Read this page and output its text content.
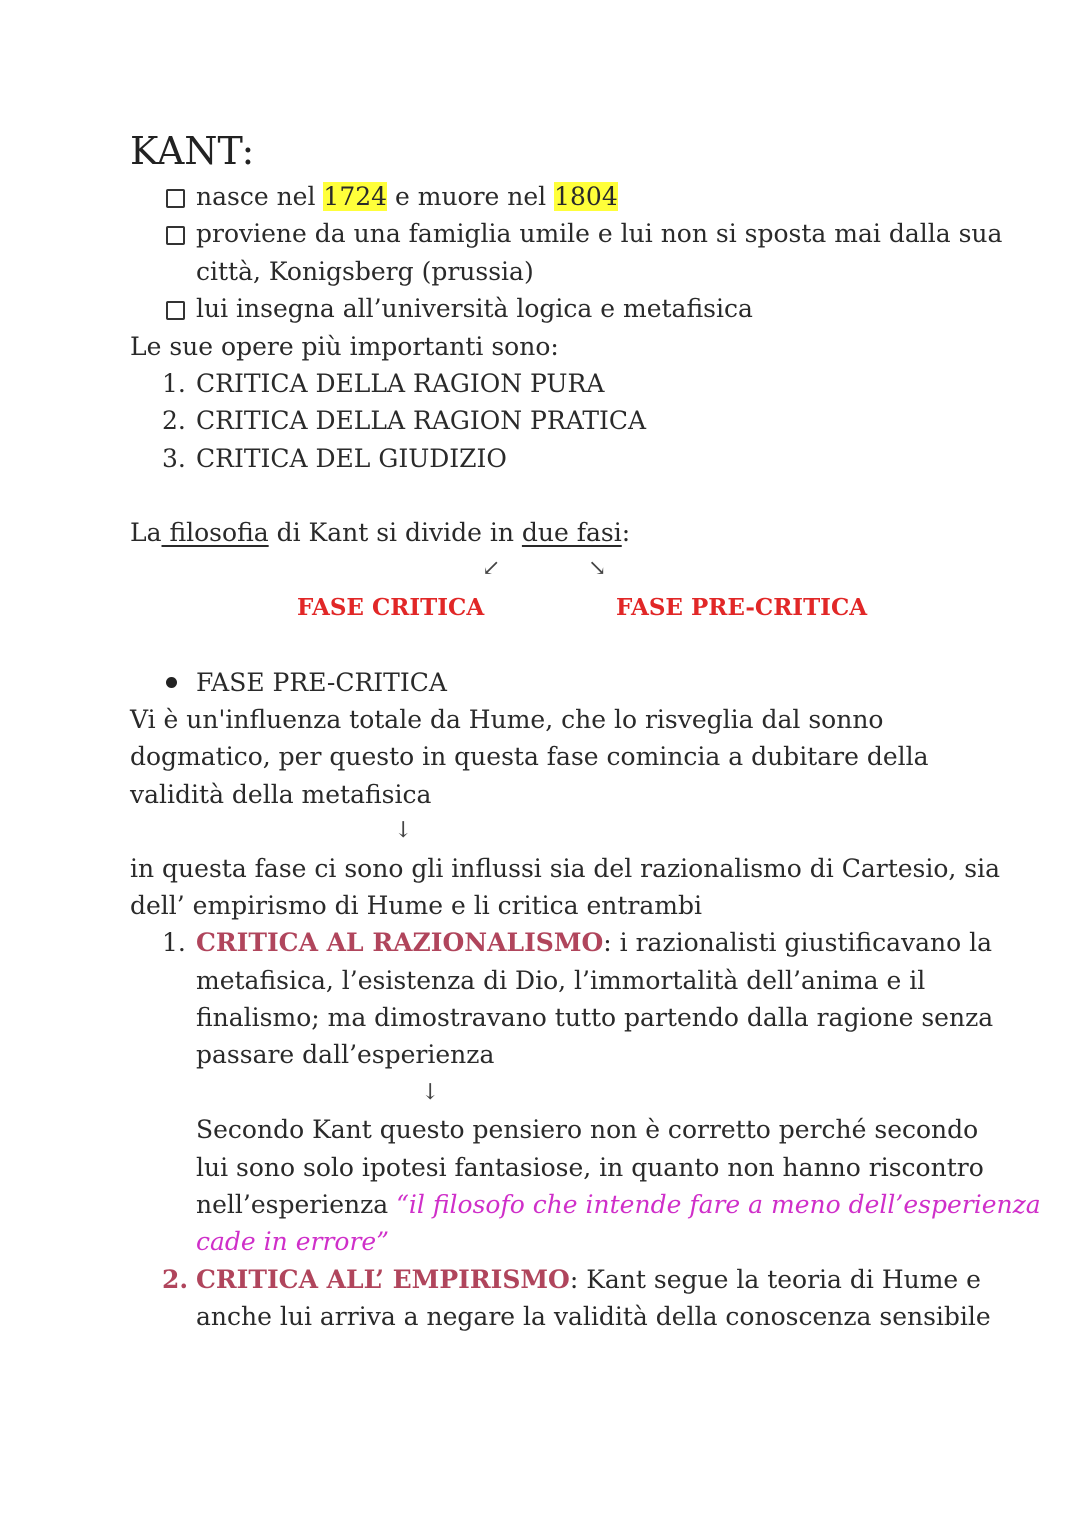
KANT:
nasce nel 1724 e muore nel 1804
proviene da una famiglia umile e lui non si sposta mai dalla sua
città, Konigsberg (prussia)
lui insegna all’università logica e metafisica
Le sue opere più importanti sono:
1. CRITICA DELLA RAGION PURA
2. CRITICA DELLA RAGION PRATICA
3. CRITICA DEL GIUDIZIO
La filosofia di Kant si divide in due fasi:
↙	↘
FASE CRITICA	FASE PRE-CRITICA
FASE PRE-CRITICA
Vi è un'influenza totale da Hume, che lo risveglia dal sonno
dogmatico, per questo in questa fase comincia a dubitare della
validità della metafisica
↓
in questa fase ci sono gli influssi sia del razionalismo di Cartesio, sia
dell’ empirismo di Hume e li critica entrambi
1. CRITICA AL RAZIONALISMO: i razionalisti giustificavano la
metafisica, l’esistenza di Dio, l’immortalità dell’anima e il
finalismo; ma dimostravano tutto partendo dalla ragione senza
passare dall’esperienza
↓
Secondo Kant questo pensiero non è corretto perché secondo
lui sono solo ipotesi fantasiose, in quanto non hanno riscontro
nell’esperienza “il filosofo che intende fare a meno dell’esperienza
cade in errore”
2. CRITICA ALL’ EMPIRISMO: Kant segue la teoria di Hume e
anche lui arriva a negare la validità della conoscenza sensibile
